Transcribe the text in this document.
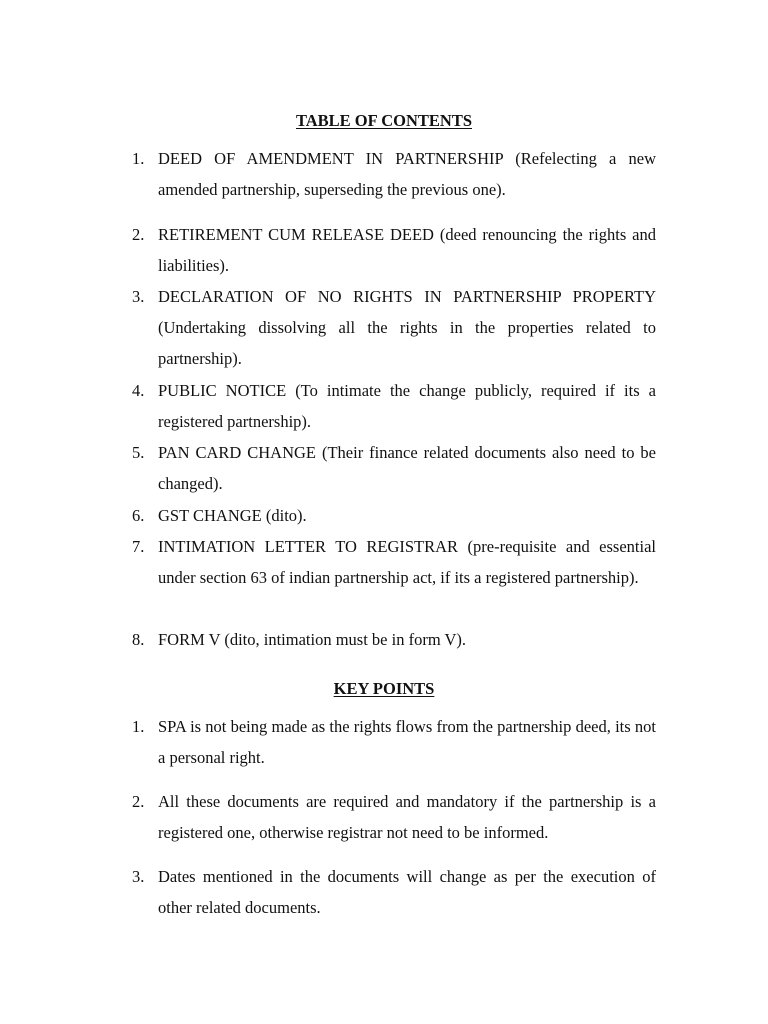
TABLE OF CONTENTS
1. DEED OF AMENDMENT IN PARTNERSHIP (Refelecting a new amended partnership, superseding the previous one).
2. RETIREMENT CUM RELEASE DEED (deed renouncing the rights and liabilities).
3. DECLARATION OF NO RIGHTS IN PARTNERSHIP PROPERTY (Undertaking dissolving all the rights in the properties related to partnership).
4. PUBLIC NOTICE (To intimate the change publicly, required if its a registered partnership).
5. PAN CARD CHANGE (Their finance related documents also need to be changed).
6. GST CHANGE (dito).
7. INTIMATION LETTER TO REGISTRAR (pre-requisite and essential under section 63 of indian partnership act, if its a registered partnership).
8. FORM V (dito, intimation must be in form V).
KEY POINTS
1. SPA is not being made as the rights flows from the partnership deed, its not a personal right.
2. All these documents are required and mandatory if the partnership is a registered one, otherwise registrar not need to be informed.
3. Dates mentioned in the documents will change as per the execution of other related documents.
